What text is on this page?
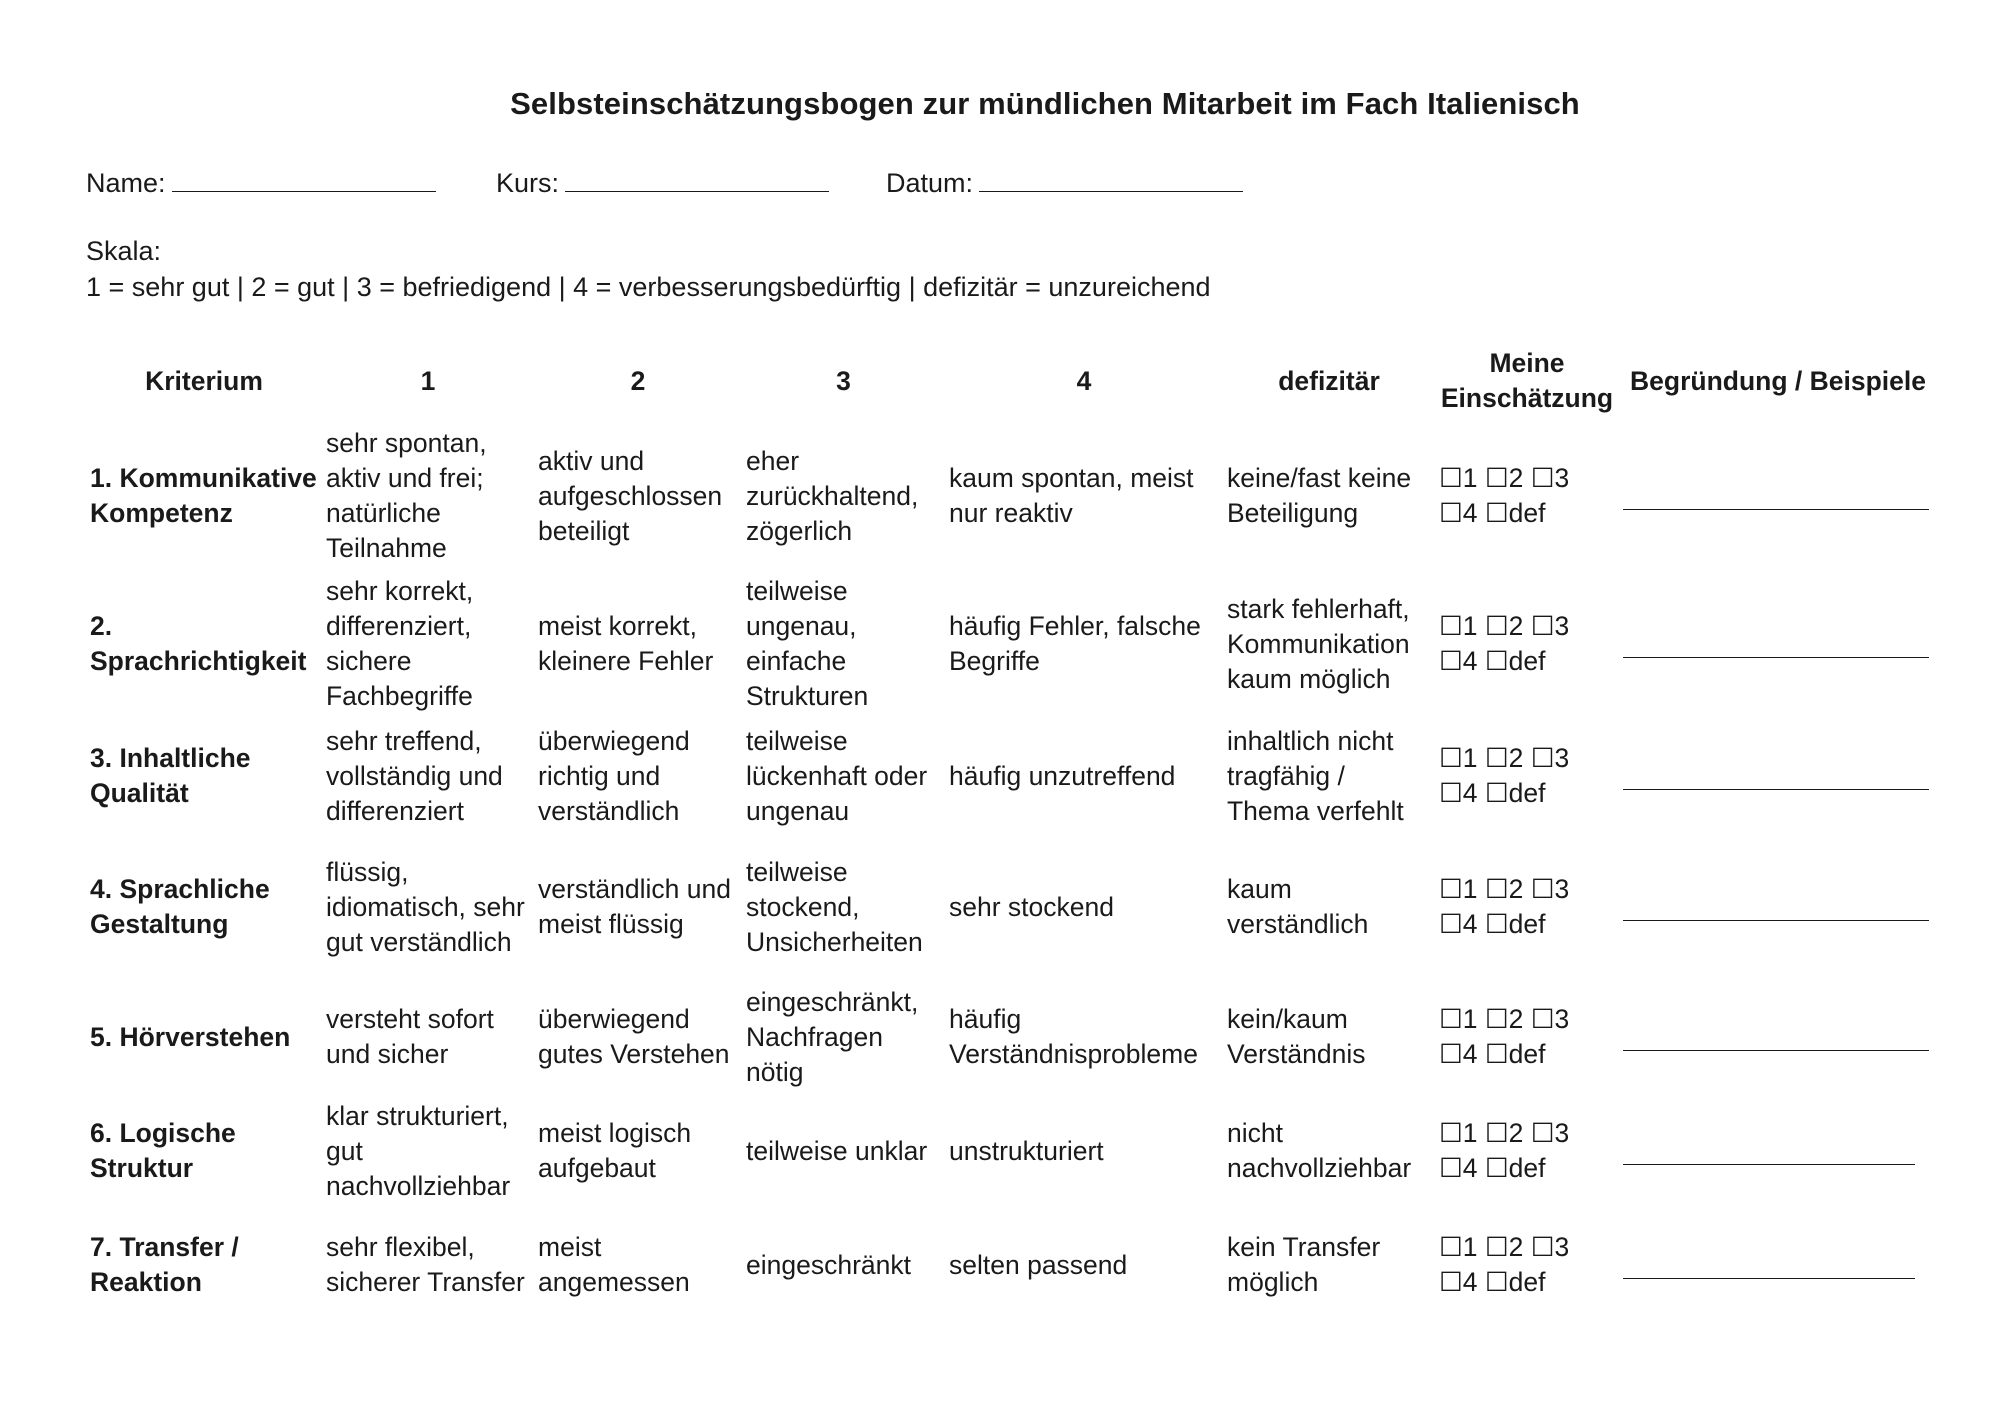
Selbsteinschätzungsbogen zur mündlichen Mitarbeit im Fach Italienisch
Name:	Kurs:	Datum:
Skala:
1 = sehr gut | 2 = gut | 3 = befriedigend | 4 = verbesserungsbedürftig | defizitär = unzureichend
Kriterium	1	2	3	4	defizitär	Meine Einschätzung	Begründung / Beispiele
1. Kommunikative Kompetenz	sehr spontan, aktiv und frei; natürliche Teilnahme	aktiv und aufgeschlossen beteiligt	eher zurückhaltend, zögerlich	kaum spontan, meist nur reaktiv	keine/fast keine Beteiligung	☐1 ☐2 ☐3 ☐4 ☐def	

2. Sprachrichtigkeit	sehr korrekt, differenziert, sichere Fachbegriffe	meist korrekt, kleinere Fehler	teilweise ungenau, einfache Strukturen	häufig Fehler, falsche Begriffe	stark fehlerhaft, Kommunikation kaum möglich	☐1 ☐2 ☐3 ☐4 ☐def	

3. Inhaltliche Qualität	sehr treffend, vollständig und differenziert	überwiegend richtig und verständlich	teilweise lückenhaft oder ungenau	häufig unzutreffend	inhaltlich nicht tragfähig / Thema verfehlt	☐1 ☐2 ☐3 ☐4 ☐def	

4. Sprachliche Gestaltung	flüssig, idiomatisch, sehr gut verständlich	verständlich und meist flüssig	teilweise stockend, Unsicherheiten	sehr stockend	kaum verständlich	☐1 ☐2 ☐3 ☐4 ☐def	

5. Hörverstehen	versteht sofort und sicher	überwiegend gutes Verstehen	eingeschränkt, Nachfragen nötig	häufig Verständnisprobleme	kein/kaum Verständnis	☐1 ☐2 ☐3 ☐4 ☐def	

6. Logische Struktur	klar strukturiert, gut nachvollziehbar	meist logisch aufgebaut	teilweise unklar	unstrukturiert	nicht nachvollziehbar	☐1 ☐2 ☐3 ☐4 ☐def	

7. Transfer / Reaktion	sehr flexibel, sicherer Transfer	meist angemessen	eingeschränkt	selten passend	kein Transfer möglich	☐1 ☐2 ☐3 ☐4 ☐def	
